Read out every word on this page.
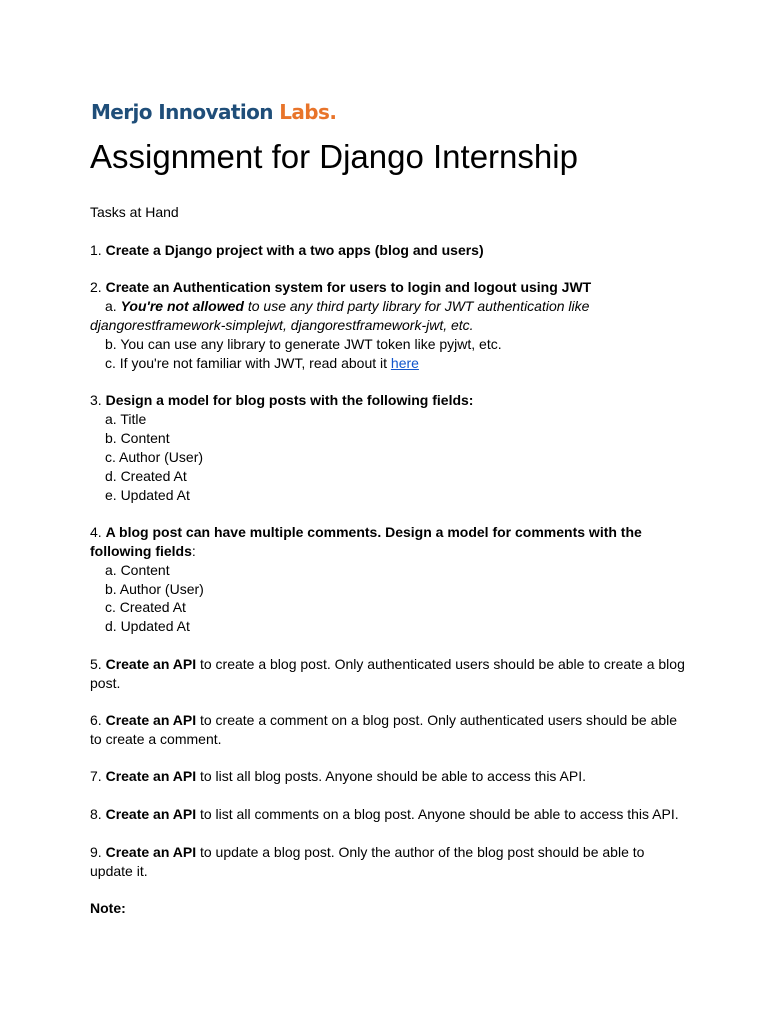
Merjo Innovation Labs.
Assignment for Django Internship
Tasks at Hand
1. Create a Django project with a two apps (blog and users)
2. Create an Authentication system for users to login and logout using JWT
a. You're not allowed to use any third party library for JWT authentication like
djangorestframework-simplejwt, djangorestframework-jwt, etc.
b. You can use any library to generate JWT token like pyjwt, etc.
c. If you're not familiar with JWT, read about it here
3. Design a model for blog posts with the following fields:
a. Title
b. Content
c. Author (User)
d. Created At
e. Updated At
4. A blog post can have multiple comments. Design a model for comments with the
following fields:
a. Content
b. Author (User)
c. Created At
d. Updated At
5. Create an API to create a blog post. Only authenticated users should be able to create a blog
post.
6. Create an API to create a comment on a blog post. Only authenticated users should be able
to create a comment.
7. Create an API to list all blog posts. Anyone should be able to access this API.
8. Create an API to list all comments on a blog post. Anyone should be able to access this API.
9. Create an API to update a blog post. Only the author of the blog post should be able to
update it.
Note:
